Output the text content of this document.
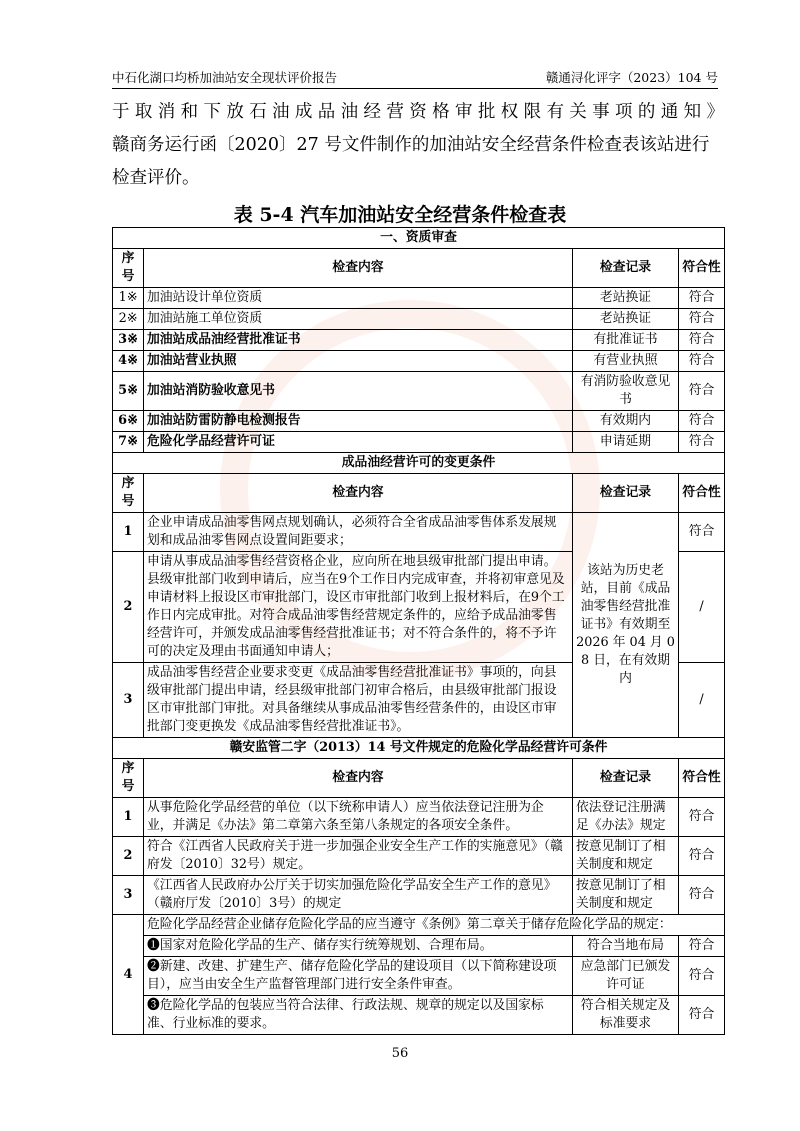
中石化湖口均桥加油站安全现状评价报告	赣通浔化评字（2023）104 号

于取消和下放石油成品油经营资格审批权限有关事项的通知》

赣商务运行函〔2020〕27 号文件制作的加油站安全经营条件检查表该站进行检查评价。

表 5-4 汽车加油站安全经营条件检查表
一、资质审查			
序号	检查内容	检查记录	符合性
1※	加油站设计单位资质	老站换证	符合
2※	加油站施工单位资质	老站换证	符合
3※	加油站成品油经营批准证书	有批准证书	符合
4※	加油站营业执照	有营业执照	符合
5※	加油站消防验收意见书	有消防验收意见书	符合
6※	加油站防雷防静电检测报告	有效期内	符合
7※	危险化学品经营许可证	申请延期	符合
成品油经营许可的变更条件			
序号	检查内容	检查记录	符合性
1	企业申请成品油零售网点规划确认，必须符合全省成品油零售体系发展规划和成品油零售网点设置间距要求；	该站为历史老站，目前《成品油零售经营批准证书》有效期至 2026 年 04 月 08 日，在有效期内	符合
2	申请从事成品油零售经营资格企业，应向所在地县级审批部门提出申请。县级审批部门收到申请后，应当在9个工作日内完成审查，并将初审意见及申请材料上报设区市审批部门，设区市审批部门收到上报材料后，在9个工作日内完成审批。对符合成品油零售经营规定条件的，应给予成品油零售经营许可，并颁发成品油零售经营批准证书；对不符合条件的，将不予许可的决定及理由书面通知申请人；		/
3	成品油零售经营企业要求变更《成品油零售经营批准证书》事项的，向县级审批部门提出申请，经县级审批部门初审合格后，由县级审批部门报设区市审批部门审批。对具备继续从事成品油零售经营条件的，由设区市审批部门变更换发《成品油零售经营批准证书》。		/
赣安监管二字（2013）14 号文件规定的危险化学品经营许可条件			
序号	检查内容	检查记录	符合性
1	从事危险化学品经营的单位（以下统称申请人）应当依法登记注册为企业，并满足《办法》第二章第六条至第八条规定的各项安全条件。	依法登记注册满足《办法》规定	符合
2	符合《江西省人民政府关于进一步加强企业安全生产工作的实施意见》（赣府发〔2010〕32号）规定。	按意见制订了相关制度和规定	符合
3	《江西省人民政府办公厅关于切实加强危险化学品安全生产工作的意见》（赣府厅发〔2010〕3号）的规定	按意见制订了相关制度和规定	符合
4	危险化学品经营企业储存危险化学品的应当遵守《条例》第二章关于储存危险化学品的规定：		
	❶国家对危险化学品的生产、储存实行统筹规划、合理布局。	符合当地布局	符合
	❷新建、改建、扩建生产、储存危险化学品的建设项目（以下简称建设项目），应当由安全生产监督管理部门进行安全条件审查。	应急部门已颁发许可证	符合
	❸危险化学品的包装应当符合法律、行政法规、规章的规定以及国家标准、行业标准的要求。	符合相关规定及标准要求	符合
56
